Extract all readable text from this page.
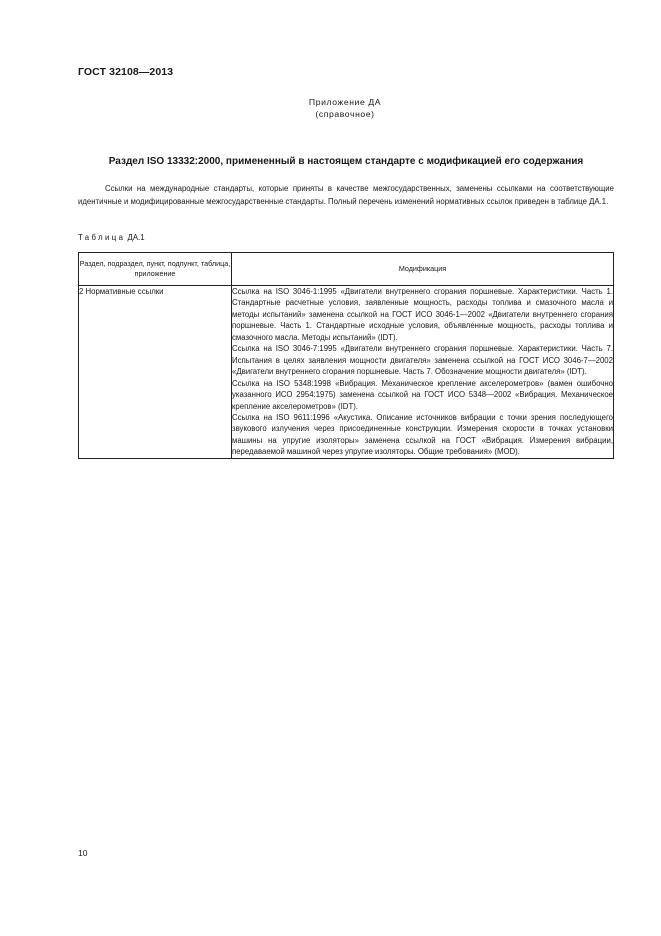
ГОСТ 32108—2013
Приложение ДА
(справочное)
Раздел ISO 13332:2000, примененный в настоящем стандарте с модификацией его содержания

Ссылки на международные стандарты, которые приняты в качестве межгосударственных, заменены ссылками на соответствующие идентичные и модифицированные межгосударственные стандарты. Полный перечень изменений нормативных ссылок приведен в таблице ДА.1.

Таблица ДА.1
Раздел, подраздел, пункт, подпункт, таблица, приложение	Модификация
2 Нормативные ссылки	Ссылка на ISO 3046-1:1995 «Двигатели внутреннего сгорания поршневые. Характеристики. Часть 1. Стандартные расчетные условия, заявленные мощность, расходы топлива и смазочного масла и методы испытаний» заменена ссылкой на ГОСТ ИСО 3046-1—2002 «Двигатели внутреннего сгорания поршневые. Часть 1. Стандартные исходные условия, объявленные мощность, расходы топлива и смазочного масла. Методы испытаний» (IDT).

Ссылка на ISO 3046-7:1995 «Двигатели внутреннего сгорания поршневые. Характеристики. Часть 7. Испытания в целях заявления мощности двигателя» заменена ссылкой на ГОСТ ИСО 3046-7—2002 «Двигатели внутреннего сгорания поршневые. Часть 7. Обозначение мощности двигателя» (IDT).

Ссылка на ISO 5348:1998 «Вибрация. Механическое крепление акселерометров» (вамен ошибочно указанного ИСО 2954:1975) заменена ссылкой на ГОСТ ИСО 5348—2002 «Вибрация. Механическое крепление акселерометров» (IDT).

Ссылка на ISO 9611:1996 «Акустика. Описание источников вибрации с точки зрения последующего звукового излучения через присоединенные конструкции. Измерения скорости в точках установки машины на упругие изоляторы» заменена ссылкой на ГОСТ «Вибрация. Измерения вибрации, передаваемой машиной через упругие изоляторы. Общие требования» (MOD).

10
